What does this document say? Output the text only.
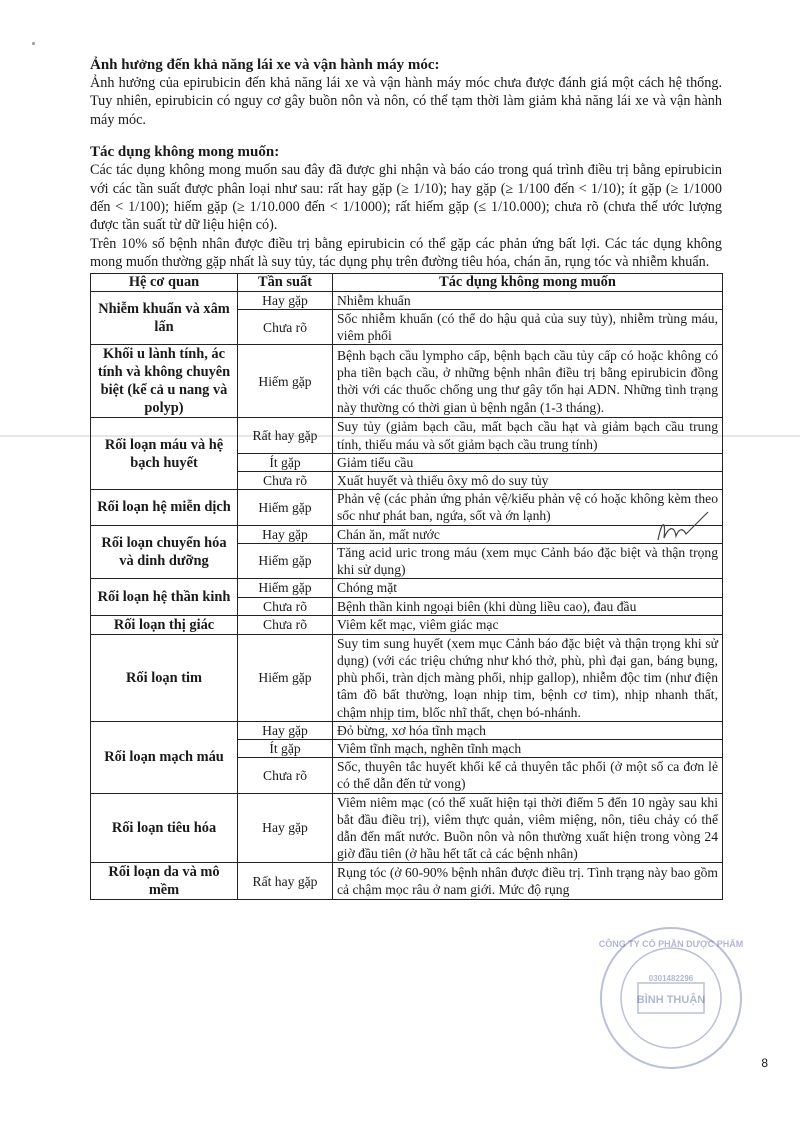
Ảnh hưởng đến khả năng lái xe và vận hành máy móc:
Ảnh hưởng của epirubicin đến khả năng lái xe và vận hành máy móc chưa được đánh giá một cách hệ thống. Tuy nhiên, epirubicin có nguy cơ gây buồn nôn và nôn, có thể tạm thời làm giảm khả năng lái xe và vận hành máy móc.
Tác dụng không mong muốn:
Các tác dụng không mong muốn sau đây đã được ghi nhận và báo cáo trong quá trình điều trị bằng epirubicin với các tần suất được phân loại như sau: rất hay gặp (≥ 1/10); hay gặp (≥ 1/100 đến < 1/10); ít gặp (≥ 1/1000 đến < 1/100); hiếm gặp (≥ 1/10.000 đến < 1/1000); rất hiếm gặp (≤ 1/10.000); chưa rõ (chưa thể ước lượng được tần suất từ dữ liệu hiện có).
Trên 10% số bệnh nhân được điều trị bằng epirubicin có thể gặp các phản ứng bất lợi. Các tác dụng không mong muốn thường gặp nhất là suy tủy, tác dụng phụ trên đường tiêu hóa, chán ăn, rụng tóc và nhiễm khuẩn.
Hệ cơ quan	Tần suất	Tác dụng không mong muốn
Nhiễm khuẩn và xâm lấn	Hay gặp	Nhiễm khuẩn
	Chưa rõ	Sốc nhiễm khuẩn (có thể do hậu quả của suy tủy), nhiễm trùng máu, viêm phổi
Khối u lành tính, ác tính và không chuyên biệt (kể cả u nang và polyp)	Hiếm gặp	Bệnh bạch cầu lympho cấp, bệnh bạch cầu tủy cấp có hoặc không có pha tiền bạch cầu, ở những bệnh nhân điều trị bằng epirubicin đồng thời với các thuốc chống ung thư gây tổn hại ADN. Những tình trạng này thường có thời gian ủ bệnh ngắn (1-3 tháng).
Rối loạn máu và hệ bạch huyết	Rất hay gặp	Suy tủy (giảm bạch cầu, mất bạch cầu hạt và giảm bạch cầu trung tính, thiếu máu và sốt giảm bạch cầu trung tính)
	Ít gặp	Giảm tiểu cầu
	Chưa rõ	Xuất huyết và thiếu ôxy mô do suy tủy
Rối loạn hệ miễn dịch	Hiếm gặp	Phản vệ (các phản ứng phản vệ/kiểu phản vệ có hoặc không kèm theo sốc như phát ban, ngứa, sốt và ớn lạnh)
Rối loạn chuyển hóa và dinh dưỡng	Hay gặp	Chán ăn, mất nước
	Hiếm gặp	Tăng acid uric trong máu (xem mục Cảnh báo đặc biệt và thận trọng khi sử dụng)
Rối loạn hệ thần kinh	Hiếm gặp	Chóng mặt
	Chưa rõ	Bệnh thần kinh ngoại biên (khi dùng liều cao), đau đầu
Rối loạn thị giác	Chưa rõ	Viêm kết mạc, viêm giác mạc
Rối loạn tim	Hiếm gặp	Suy tim sung huyết (xem mục Cảnh báo đặc biệt và thận trọng khi sử dụng) (với các triệu chứng như khó thở, phù, phì đại gan, báng bụng, phù phổi, tràn dịch màng phổi, nhịp gallop), nhiễm độc tim (như điện tâm đồ bất thường, loạn nhịp tim, bệnh cơ tim), nhịp nhanh thất, chậm nhịp tim, blốc nhĩ thất, chẹn bó-nhánh.
Rối loạn mạch máu	Hay gặp	Đỏ bừng, xơ hóa tĩnh mạch
	Ít gặp	Viêm tĩnh mạch, nghẽn tĩnh mạch
	Chưa rõ	Sốc, thuyên tắc huyết khối kể cả thuyên tắc phổi (ở một số ca đơn lẻ có thể dẫn đến tử vong)
Rối loạn tiêu hóa	Hay gặp	Viêm niêm mạc (có thể xuất hiện tại thời điểm 5 đến 10 ngày sau khi bắt đầu điều trị), viêm thực quản, viêm miệng, nôn, tiêu chảy có thể dẫn đến mất nước. Buồn nôn và nôn thường xuất hiện trong vòng 24 giờ đầu tiên (ở hầu hết tất cả các bệnh nhân)
Rối loạn da và mô mềm	Rất hay gặp	Rụng tóc (ở 60-90% bệnh nhân được điều trị. Tình trạng này bao gồm cả chậm mọc râu ở nam giới. Mức độ rụng
CÔNG TY CỔ PHẦN DƯỢC PHẨM
0301482296
BÌNH THUẬN
8
